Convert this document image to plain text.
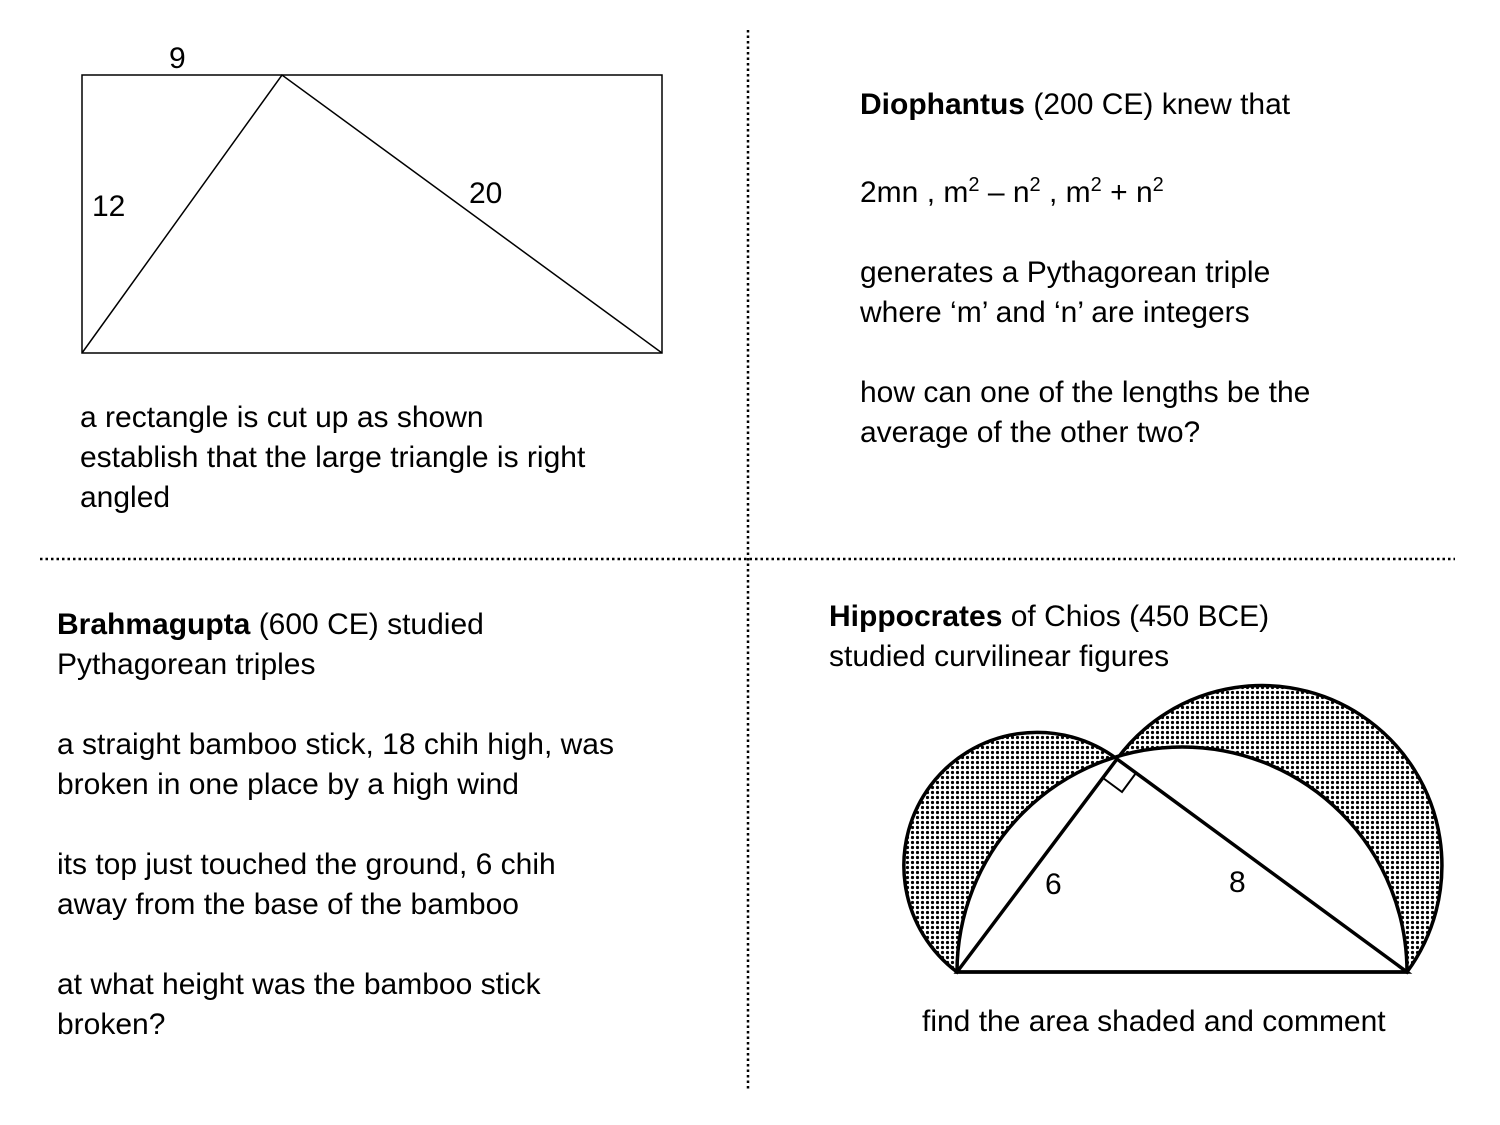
9
12	20
6	8
a rectangle is cut up as shown
establish that the large triangle is right
angled
Diophantus (200 CE) knew that
2mn , $m^2 - n^2$ , $m^2 + n^2$
generates a Pythagorean triple
where ‘m’ and ‘n’ are integers
how can one of the lengths be the
average of the other two?
Brahmagupta (600 CE) studied
Pythagorean triples
a straight bamboo stick, 18 chih high, was
broken in one place by a high wind
its top just touched the ground, 6 chih
away from the base of the bamboo
at what height was the bamboo stick
broken?
Hippocrates of Chios (450 BCE)
studied curvilinear figures
find the area shaded and comment
